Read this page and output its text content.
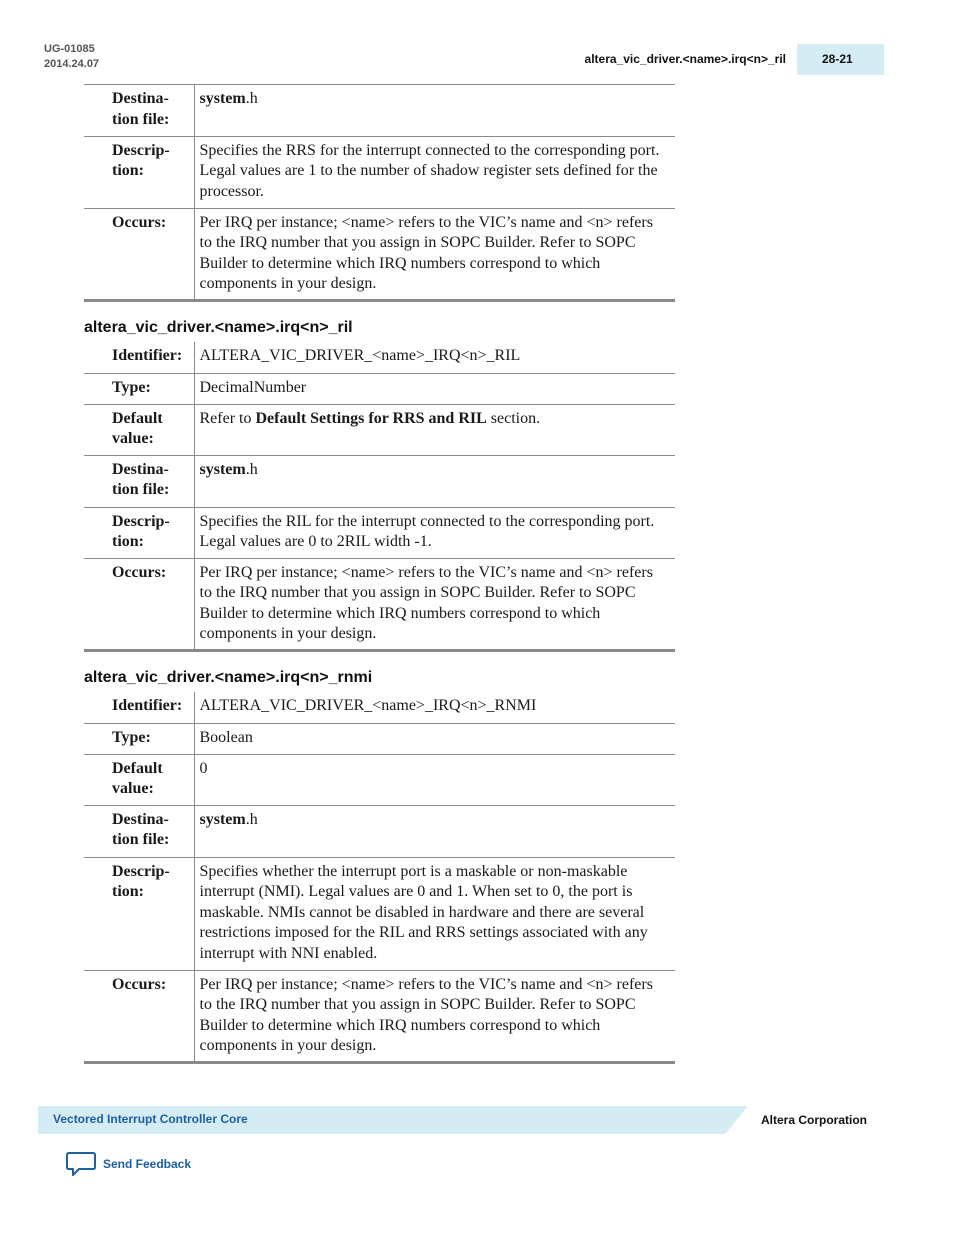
UG-01085
2014.24.07	altera_vic_driver.<name>.irq<n>_ril	28-21
Destina- tion file:	system.h
Descrip- tion:	Specifies the RRS for the interrupt connected to the corresponding port. Legal values are 1 to the number of shadow register sets defined for the processor.
Occurs:	Per IRQ per instance; <name> refers to the VIC’s name and <n> refers to the IRQ number that you assign in SOPC Builder. Refer to SOPC Builder to determine which IRQ numbers correspond to which components in your design.
altera_vic_driver.<name>.irq<n>_ril
Identifier:	ALTERA_VIC_DRIVER_<name>_IRQ<n>_RIL
Type:	DecimalNumber
Default value:	Refer to Default Settings for RRS and RIL section.
Destina- tion file:	system.h
Descrip- tion:	Specifies the RIL for the interrupt connected to the corresponding port. Legal values are 0 to 2RIL width -1.
Occurs:	Per IRQ per instance; <name> refers to the VIC’s name and <n> refers to the IRQ number that you assign in SOPC Builder. Refer to SOPC Builder to determine which IRQ numbers correspond to which components in your design.
altera_vic_driver.<name>.irq<n>_rnmi
Identifier:	ALTERA_VIC_DRIVER_<name>_IRQ<n>_RNMI
Type:	Boolean
Default value:	0
Destina- tion file:	system.h
Descrip- tion:	Specifies whether the interrupt port is a maskable or non-maskable interrupt (NMI). Legal values are 0 and 1. When set to 0, the port is maskable. NMIs cannot be disabled in hardware and there are several restrictions imposed for the RIL and RRS settings associated with any interrupt with NNI enabled.
Occurs:	Per IRQ per instance; <name> refers to the VIC’s name and <n> refers to the IRQ number that you assign in SOPC Builder. Refer to SOPC Builder to determine which IRQ numbers correspond to which components in your design.
Vectored Interrupt Controller Core	Altera Corporation
Send Feedback
